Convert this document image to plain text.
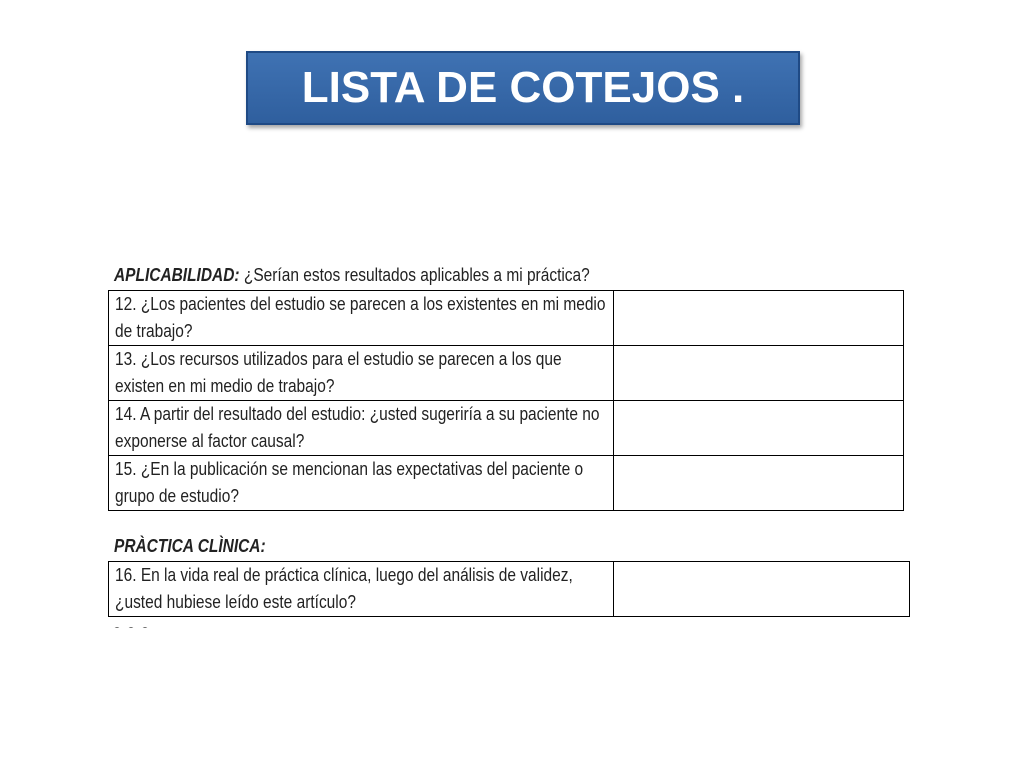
LISTA DE COTEJOS .
APLICABILIDAD: ¿Serían estos resultados aplicables a mi práctica?
12. ¿Los pacientes del estudio se parecen a los existentes en mi medio de trabajo?	

13. ¿Los recursos utilizados para el estudio se parecen a los que existen en mi medio de trabajo?	

14. A partir del resultado del estudio: ¿usted sugeriría a su paciente no exponerse al factor causal?	

15. ¿En la publicación se mencionan las expectativas del paciente o grupo de estudio?	

PRÀCTICA CLÌNICA:
16. En la vida real de práctica clínica, luego del análisis de validez, ¿usted hubiese leído este artículo?
